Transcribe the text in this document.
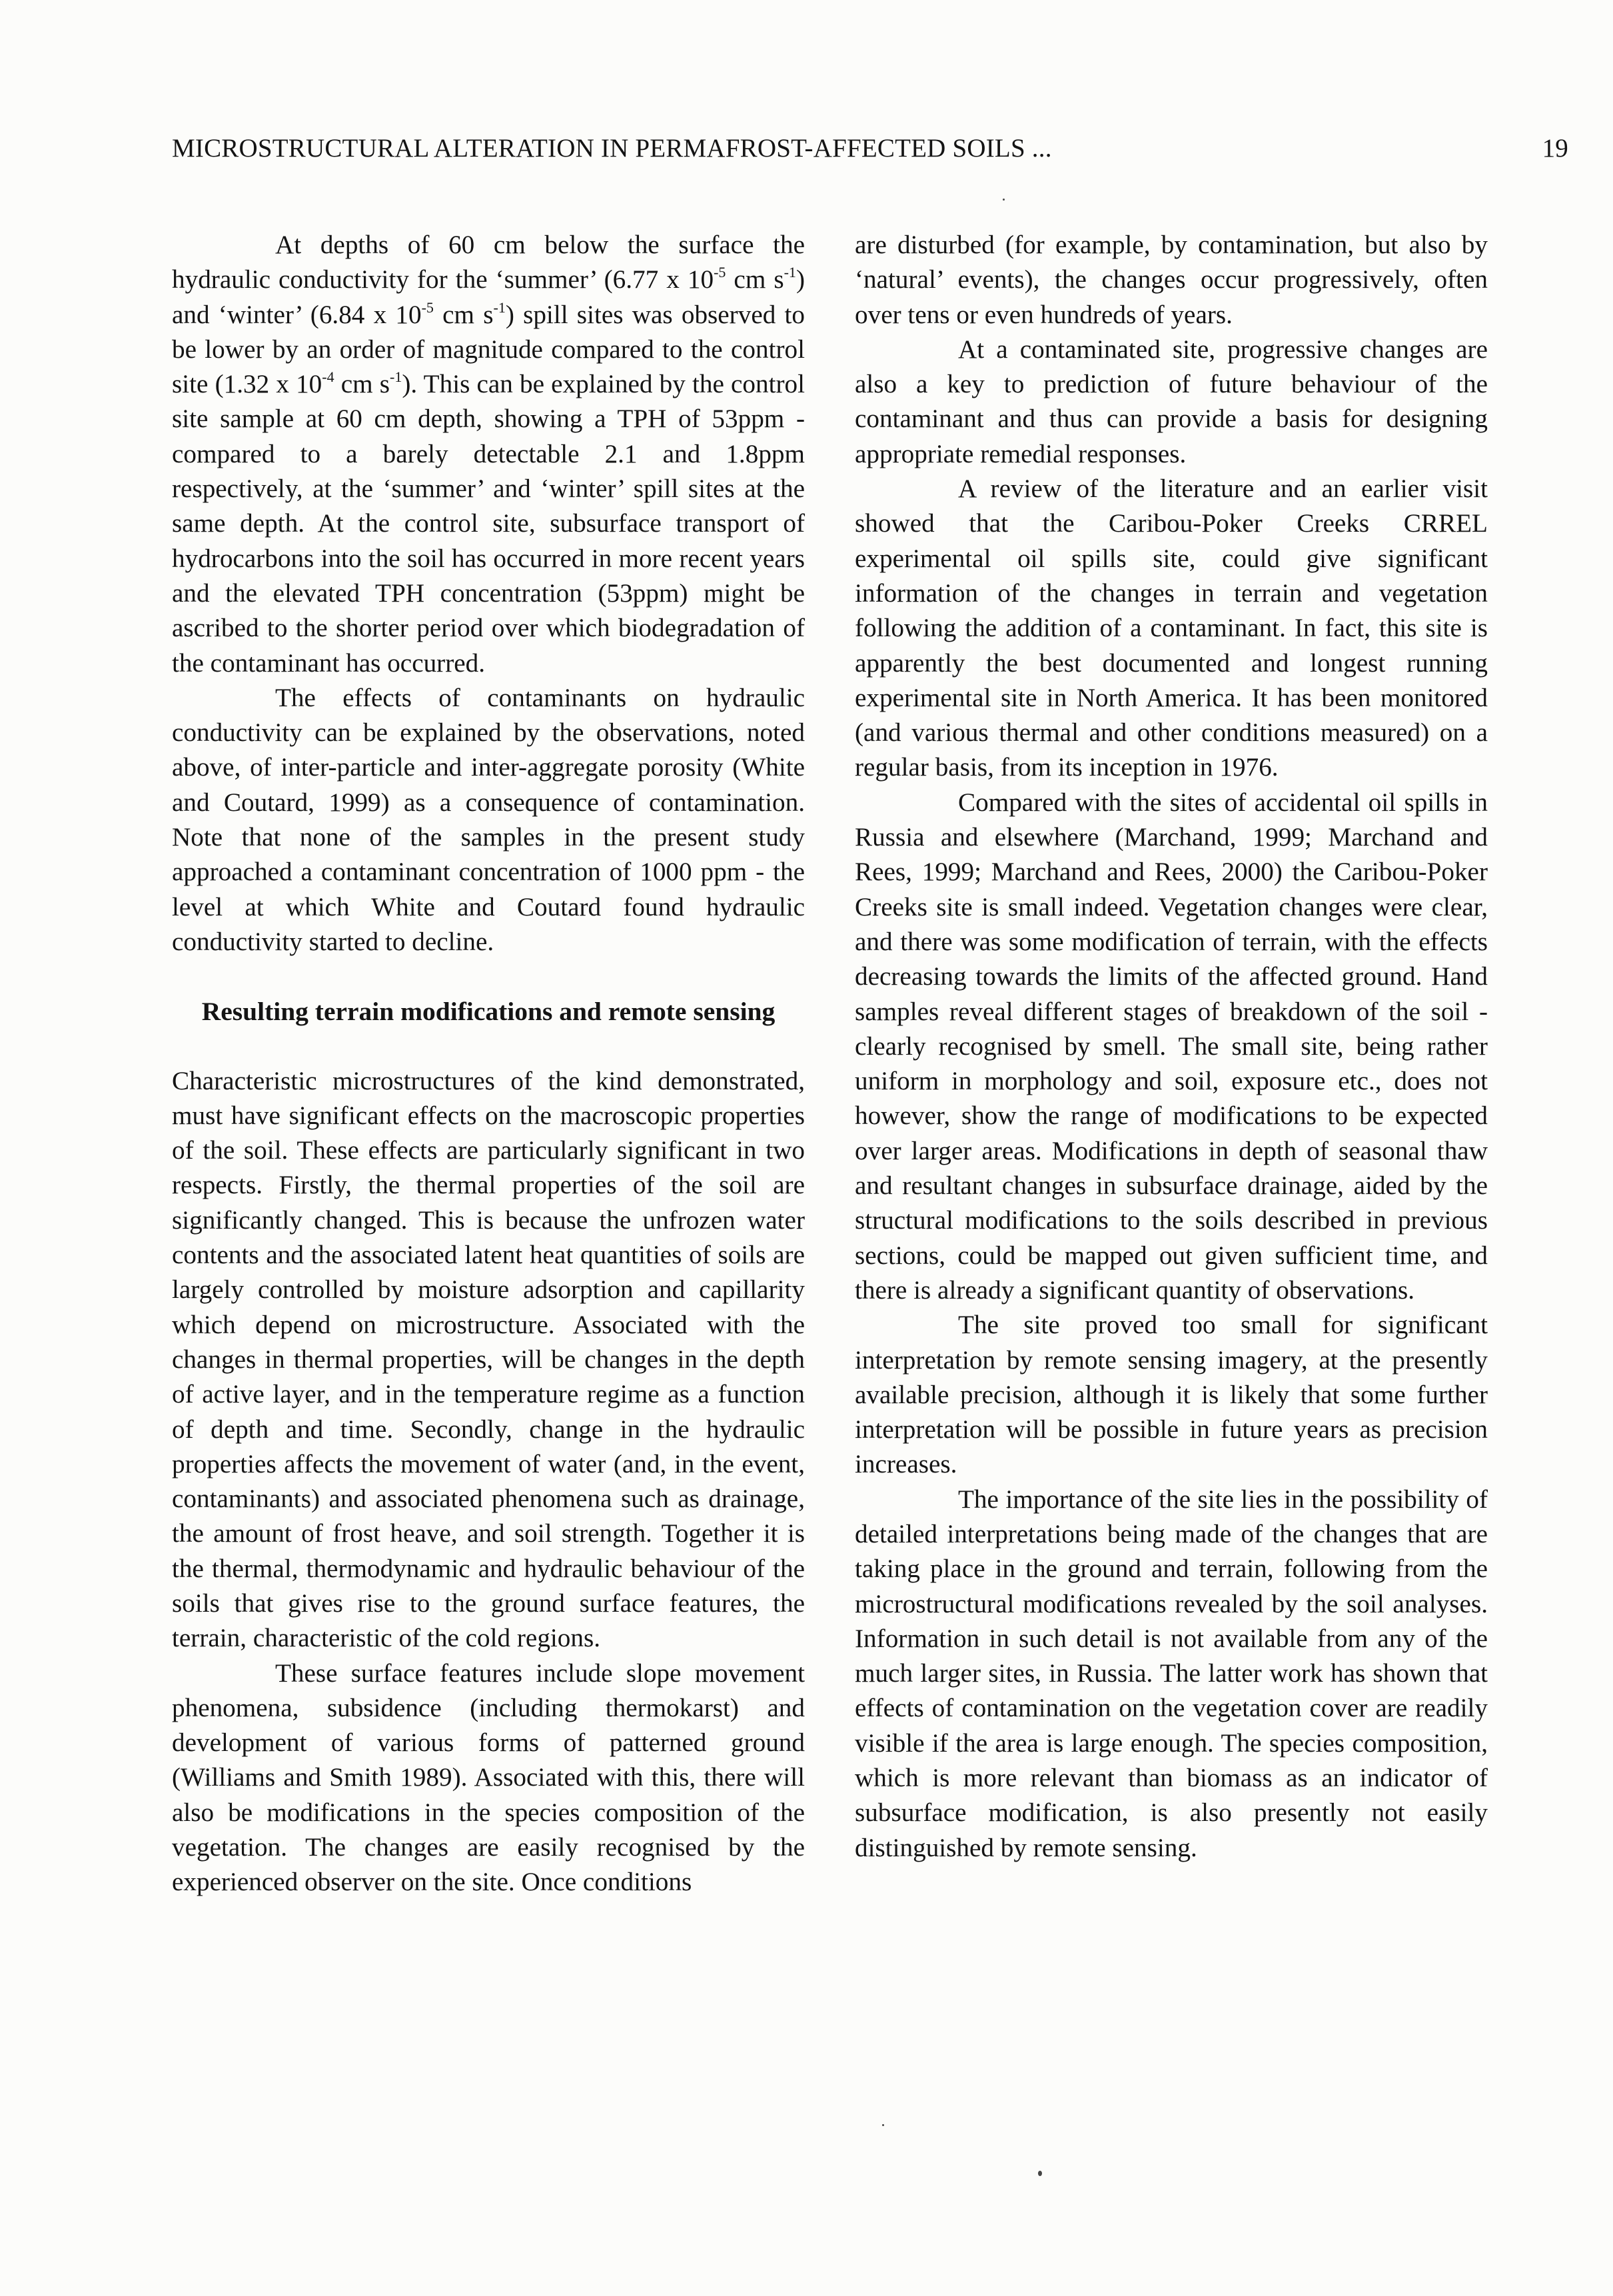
MICROSTRUCTURAL ALTERATION IN PERMAFROST-AFFECTED SOILS ...	19

At depths of 60 cm below the surface the hydraulic conductivity for the ‘summer’ (6.77 x $10^{-5}$ cm $s^{-1}$) and ‘winter’ (6.84 x $10^{-5}$ cm $s^{-1}$) spill sites was observed to be lower by an order of magnitude compared to the control site (1.32 x $10^{-4}$ cm $s^{-1}$). This can be explained by the control site sample at 60 cm depth, showing a TPH of 53ppm - compared to a barely detectable 2.1 and 1.8ppm respectively, at the ‘summer’ and ‘winter’ spill sites at the same depth. At the control site, subsurface transport of hydrocarbons into the soil has occurred in more recent years and the elevated TPH concentration (53ppm) might be ascribed to the shorter period over which biodegradation of the contaminant has occurred.

The effects of contaminants on hydraulic conductivity can be explained by the observations, noted above, of inter-particle and inter-aggregate porosity (White and Coutard, 1999) as a consequence of contamination. Note that none of the samples in the present study approached a contaminant concentration of 1000 ppm - the level at which White and Coutard found hydraulic conductivity started to decline.

Resulting terrain modifications and remote sensing

Characteristic microstructures of the kind demonstrated, must have significant effects on the macroscopic properties of the soil. These effects are particularly significant in two respects. Firstly, the thermal properties of the soil are significantly changed. This is because the unfrozen water contents and the associated latent heat quantities of soils are largely controlled by moisture adsorption and capillarity which depend on microstructure. Associated with the changes in thermal properties, will be changes in the depth of active layer, and in the temperature regime as a function of depth and time. Secondly, change in the hydraulic properties affects the movement of water (and, in the event, contaminants) and associated phenomena such as drainage, the amount of frost heave, and soil strength. Together it is the thermal, thermodynamic and hydraulic behaviour of the soils that gives rise to the ground surface features, the terrain, characteristic of the cold regions.

These surface features include slope movement phenomena, subsidence (including thermokarst) and development of various forms of patterned ground (Williams and Smith 1989). Associated with this, there will also be modifications in the species composition of the vegetation. The changes are easily recognised by the experienced observer on the site. Once conditions

are disturbed (for example, by contamination, but also by ‘natural’ events), the changes occur progressively, often over tens or even hundreds of years.

At a contaminated site, progressive changes are also a key to prediction of future behaviour of the contaminant and thus can provide a basis for designing appropriate remedial responses.

A review of the literature and an earlier visit showed that the Caribou-Poker Creeks CRREL experimental oil spills site, could give significant information of the changes in terrain and vegetation following the addition of a contaminant. In fact, this site is apparently the best documented and longest running experimental site in North America. It has been monitored (and various thermal and other conditions measured) on a regular basis, from its inception in 1976.

Compared with the sites of accidental oil spills in Russia and elsewhere (Marchand, 1999; Marchand and Rees, 1999; Marchand and Rees, 2000) the Caribou-Poker Creeks site is small indeed. Vegetation changes were clear, and there was some modification of terrain, with the effects decreasing towards the limits of the affected ground. Hand samples reveal different stages of breakdown of the soil - clearly recognised by smell. The small site, being rather uniform in morphology and soil, exposure etc., does not however, show the range of modifications to be expected over larger areas. Modifications in depth of seasonal thaw and resultant changes in subsurface drainage, aided by the structural modifications to the soils described in previous sections, could be mapped out given sufficient time, and there is already a significant quantity of observations.

The site proved too small for significant interpretation by remote sensing imagery, at the presently available precision, although it is likely that some further interpretation will be possible in future years as precision increases.

The importance of the site lies in the possibility of detailed interpretations being made of the changes that are taking place in the ground and terrain, following from the microstructural modifications revealed by the soil analyses. Information in such detail is not available from any of the much larger sites, in Russia. The latter work has shown that effects of contamination on the vegetation cover are readily visible if the area is large enough. The species composition, which is more relevant than biomass as an indicator of subsurface modification, is also presently not easily distinguished by remote sensing.
